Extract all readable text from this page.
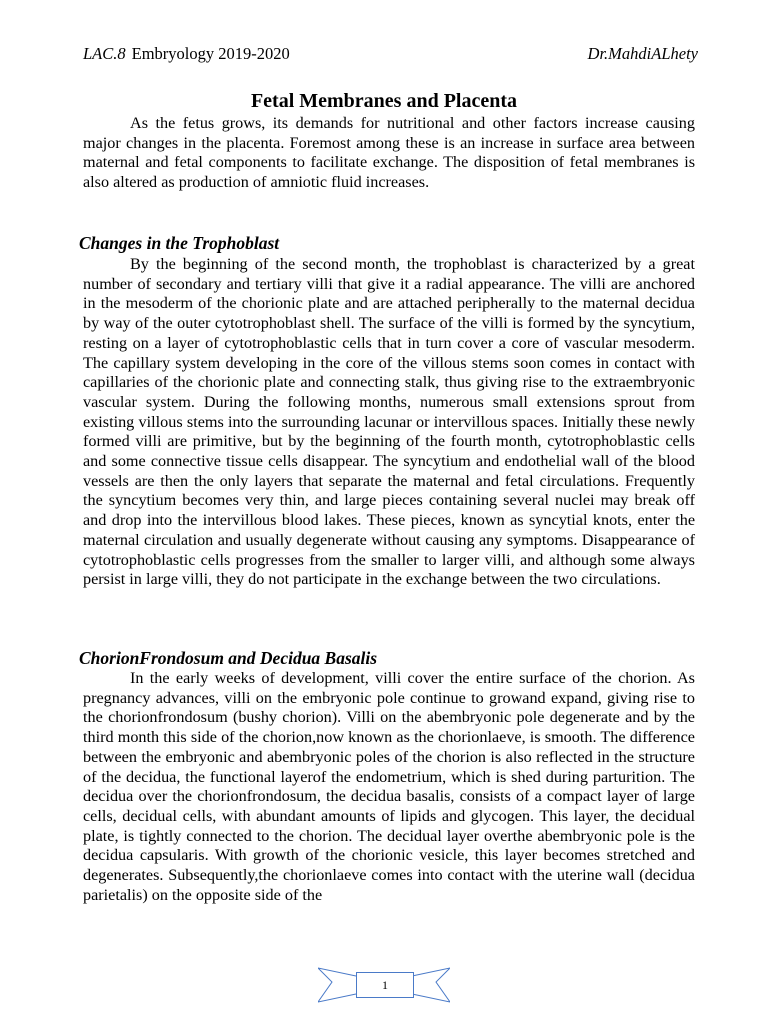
LAC.8 Embryology 2019-2020	Dr.MahdiALhety
Fetal Membranes and Placenta

As the fetus grows, its demands for nutritional and other factors increase causing major changes in the placenta. Foremost among these is an increase in surface area between maternal and fetal components to facilitate exchange. The disposition of fetal membranes is also altered as production of amniotic fluid increases.

Changes in the Trophoblast

By the beginning of the second month, the trophoblast is characterized by a great number of secondary and tertiary villi that give it a radial appearance. The villi are anchored in the mesoderm of the chorionic plate and are attached peripherally to the maternal decidua by way of the outer cytotrophoblast shell. The surface of the villi is formed by the syncytium, resting on a layer of cytotrophoblastic cells that in turn cover a core of vascular mesoderm. The capillary system developing in the core of the villous stems soon comes in contact with capillaries of the chorionic plate and connecting stalk, thus giving rise to the extraembryonic vascular system. During the following months, numerous small extensions sprout from existing villous stems into the surrounding lacunar or intervillous spaces. Initially these newly formed villi are primitive, but by the beginning of the fourth month, cytotrophoblastic cells and some connective tissue cells disappear. The syncytium and endothelial wall of the blood vessels are then the only layers that separate the maternal and fetal circulations. Frequently the syncytium becomes very thin, and large pieces containing several nuclei may break off and drop into the intervillous blood lakes. These pieces, known as syncytial knots, enter the maternal circulation and usually degenerate without causing any symptoms. Disappearance of cytotrophoblastic cells progresses from the smaller to larger villi, and although some always persist in large villi, they do not participate in the exchange between the two circulations.

ChorionFrondosum and Decidua Basalis

In the early weeks of development, villi cover the entire surface of the chorion. As pregnancy advances, villi on the embryonic pole continue to growand expand, giving rise to the chorionfrondosum (bushy chorion). Villi on the abembryonic pole degenerate and by the third month this side of the chorion,now known as the chorionlaeve, is smooth. The difference between the embryonic and abembryonic poles of the chorion is also reflected in the structure of the decidua, the functional layerof the endometrium, which is shed during parturition. The decidua over the chorionfrondosum, the decidua basalis, consists of a compact layer of large cells, decidual cells, with abundant amounts of lipids and glycogen. This layer, the decidual plate, is tightly connected to the chorion. The decidual layer overthe abembryonic pole is the decidua capsularis. With growth of the chorionic vesicle, this layer becomes stretched and degenerates. Subsequently,the chorionlaeve comes into contact with the uterine wall (decidua parietalis) on the opposite side of the

1
